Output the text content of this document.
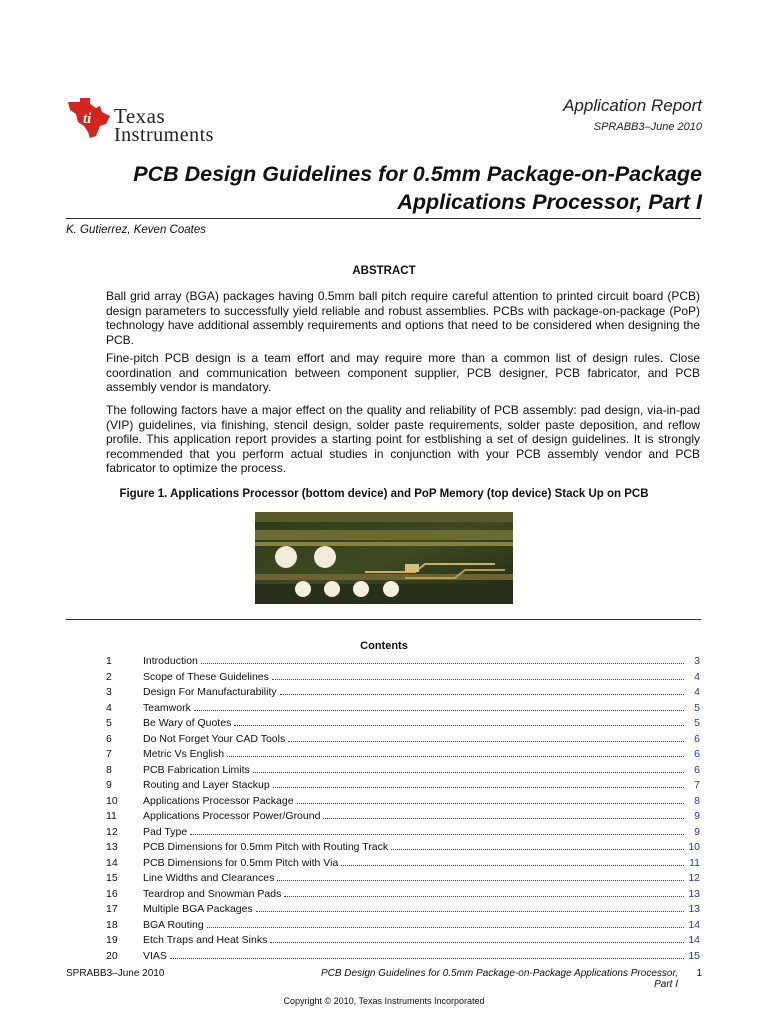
ti Texas
Instruments
Application Report
SPRABB3–June 2010
PCB Design Guidelines for 0.5mm Package-on-Package
Applications Processor, Part I
K. Gutierrez, Keven Coates
ABSTRACT
Ball grid array (BGA) packages having 0.5mm ball pitch require careful attention to printed circuit board (PCB) design parameters to successfully yield reliable and robust assemblies. PCBs with package-on-package (PoP) technology have additional assembly requirements and options that need to be considered when designing the PCB.
Fine-pitch PCB design is a team effort and may require more than a common list of design rules. Close coordination and communication between component supplier, PCB designer, PCB fabricator, and PCB assembly vendor is mandatory.
The following factors have a major effect on the quality and reliability of PCB assembly: pad design, via-in-pad (VIP) guidelines, via finishing, stencil design, solder paste requirements, solder paste deposition, and reflow profile. This application report provides a starting point for estblishing a set of design guidelines. It is strongly recommended that you perform actual studies in conjunction with your PCB assembly vendor and PCB fabricator to optimize the process.
Figure 1. Applications Processor (bottom device) and PoP Memory (top device) Stack Up on PCB
Contents
1	Introduction	3
2	Scope of These Guidelines	4
3	Design For Manufacturability	4
4	Teamwork	5
5	Be Wary of Quotes	5
6	Do Not Forget Your CAD Tools	6
7	Metric Vs English	6
8	PCB Fabrication Limits	6
9	Routing and Layer Stackup	7
10	Applications Processor Package	8
11	Applications Processor Power/Ground	9
12	Pad Type	9
13	PCB Dimensions for 0.5mm Pitch with Routing Track	10
14	PCB Dimensions for 0.5mm Pitch with Via	11
15	Line Widths and Clearances	12
16	Teardrop and Snowman Pads	13
17	Multiple BGA Packages	13
18	BGA Routing	14
19	Etch Traps and Heat Sinks	14
20	VIAS	15
SPRABB3–June 2010	PCB Design Guidelines for 0.5mm Package-on-Package Applications Processor,
Part I
1
Copyright © 2010, Texas Instruments Incorporated
